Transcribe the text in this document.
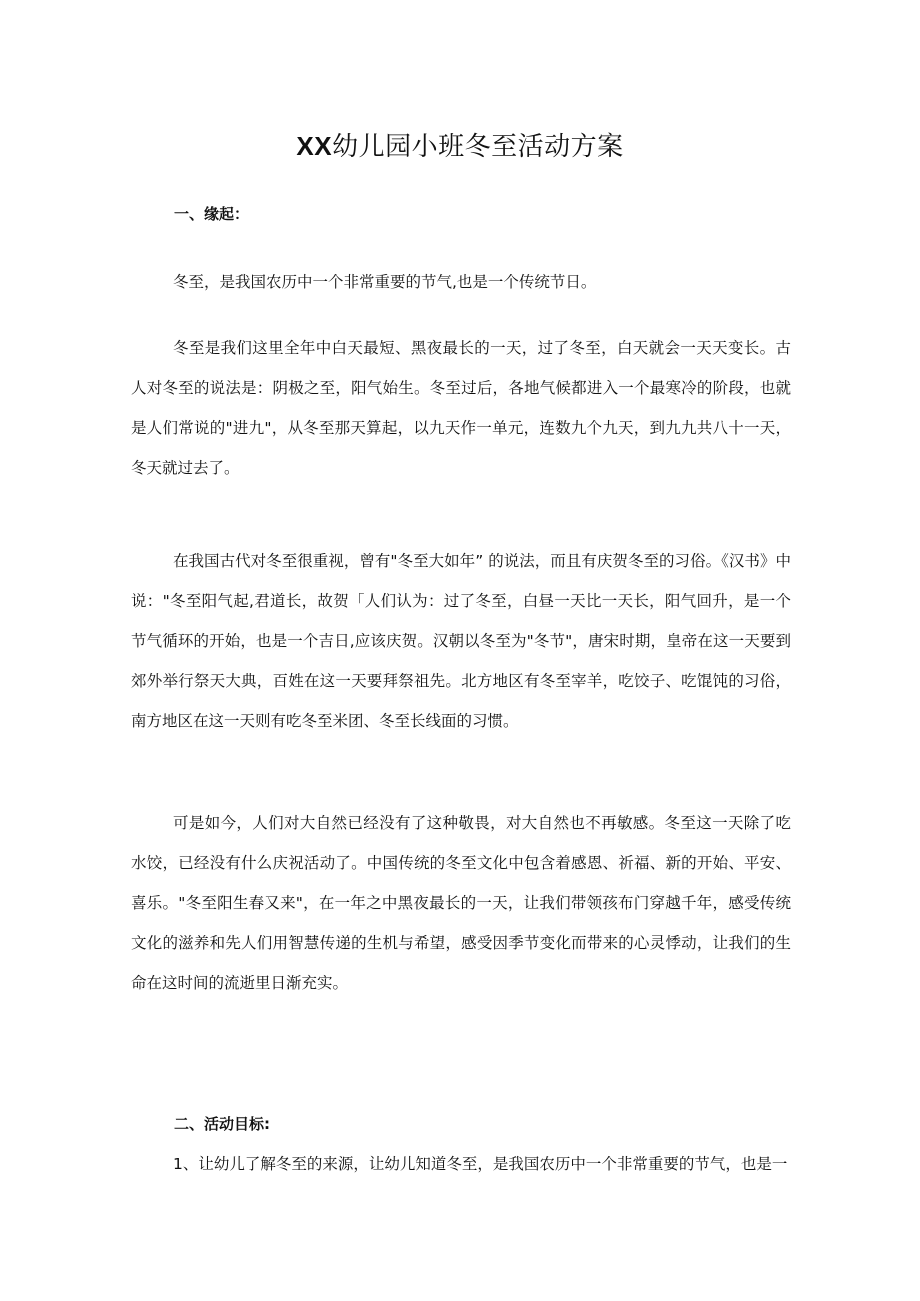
XX幼儿园小班冬至活动方案
一、缘起：

冬至，是我国农历中一个非常重要的节气,也是一个传统节日。

冬至是我们这里全年中白天最短、黑夜最长的一天，过了冬至，白天就会一天天变长。古人对冬至的说法是：阴极之至，阳气始生。冬至过后，各地气候都进入一个最寒冷的阶段，也就是人们常说的"进九"，从冬至那天算起，以九天作一单元，连数九个九天，到九九共八十一天，冬天就过去了。

在我国古代对冬至很重视，曾有"冬至大如年” 的说法，而且有庆贺冬至的习俗。《汉书》中说："冬至阳气起,君道长，故贺「人们认为：过了冬至，白昼一天比一天长，阳气回升，是一个节气循环的开始，也是一个吉日,应该庆贺。汉朝以冬至为"冬节"，唐宋时期，皇帝在这一天要到郊外举行祭天大典，百姓在这一天要拜祭祖先。北方地区有冬至宰羊，吃饺子、吃馄饨的习俗，南方地区在这一天则有吃冬至米团、冬至长线面的习惯。

可是如今，人们对大自然已经没有了这种敬畏，对大自然也不再敏感。冬至这一天除了吃水饺，已经没有什么庆祝活动了。中国传统的冬至文化中包含着感恩、祈福、新的开始、平安、喜乐。"冬至阳生春又来"，在一年之中黑夜最长的一天，让我们带领孩布门穿越千年，感受传统文化的滋养和先人们用智慧传递的生机与希望，感受因季节变化而带来的心灵悸动，让我们的生命在这时间的流逝里日渐充实。

二、活动目标:

1、让幼儿了解冬至的来源，让幼儿知道冬至，是我国农历中一个非常重要的节气，也是一
